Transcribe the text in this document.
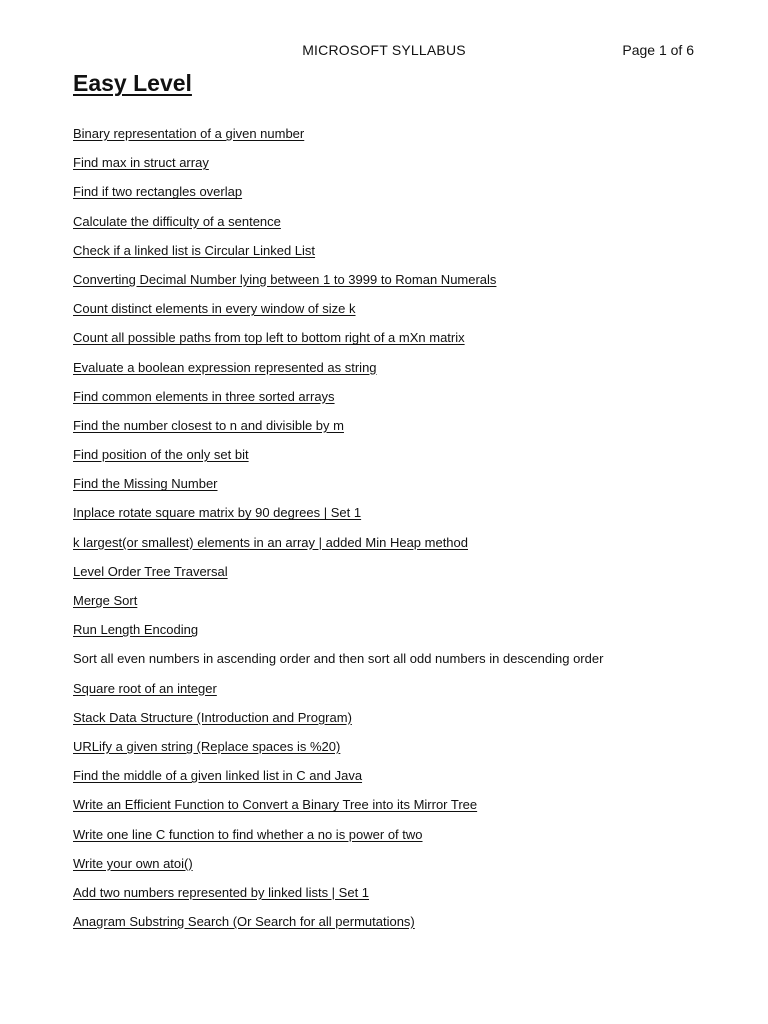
MICROSOFT SYLLABUS	Page 1 of 6
Easy Level
Binary representation of a given number
Find max in struct array
Find if two rectangles overlap
Calculate the difficulty of a sentence
Check if a linked list is Circular Linked List
Converting Decimal Number lying between 1 to 3999 to Roman Numerals
Count distinct elements in every window of size k
Count all possible paths from top left to bottom right of a mXn matrix
Evaluate a boolean expression represented as string
Find common elements in three sorted arrays
Find the number closest to n and divisible by m
Find position of the only set bit
Find the Missing Number
Inplace rotate square matrix by 90 degrees | Set 1
k largest(or smallest) elements in an array | added Min Heap method
Level Order Tree Traversal
Merge Sort
Run Length Encoding
Sort all even numbers in ascending order and then sort all odd numbers in descending order
Square root of an integer
Stack Data Structure (Introduction and Program)
URLify a given string (Replace spaces is %20)
Find the middle of a given linked list in C and Java
Write an Efficient Function to Convert a Binary Tree into its Mirror Tree
Write one line C function to find whether a no is power of two
Write your own atoi()
Add two numbers represented by linked lists | Set 1
Anagram Substring Search (Or Search for all permutations)
